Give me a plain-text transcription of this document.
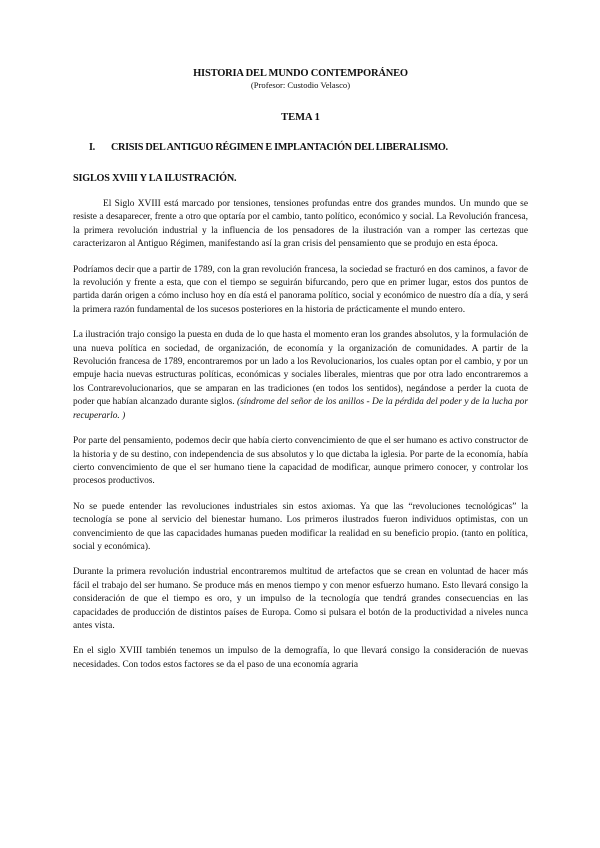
HISTORIA DEL MUNDO CONTEMPORÁNEO
(Profesor: Custodio Velasco)
TEMA 1
I. CRISIS DEL ANTIGUO RÉGIMEN E IMPLANTACIÓN DEL LIBERALISMO.
SIGLOS XVIII Y LA ILUSTRACIÓN.

El Siglo XVIII está marcado por tensiones, tensiones profundas entre dos grandes mundos. Un mundo que se resiste a desaparecer, frente a otro que optaría por el cambio, tanto político, económico y social. La Revolución francesa, la primera revolución industrial y la influencia de los pensadores de la ilustración van a romper las certezas que caracterizaron al Antiguo Régimen, manifestando así la gran crisis del pensamiento que se produjo en esta época.

Podríamos decir que a partir de 1789, con la gran revolución francesa, la sociedad se fracturó en dos caminos, a favor de la revolución y frente a esta, que con el tiempo se seguirán bifurcando, pero que en primer lugar, estos dos puntos de partida darán origen a cómo incluso hoy en día está el panorama político, social y económico de nuestro día a día, y será la primera razón fundamental de los sucesos posteriores en la historia de prácticamente el mundo entero.

La ilustración trajo consigo la puesta en duda de lo que hasta el momento eran los grandes absolutos, y la formulación de una nueva política en sociedad, de organización, de economía y la organización de comunidades. A partir de la Revolución francesa de 1789, encontraremos por un lado a los Revolucionarios, los cuales optan por el cambio, y por un empuje hacia nuevas estructuras políticas, económicas y sociales liberales, mientras que por otra lado encontraremos a los Contrarevolucionarios, que se amparan en las tradiciones (en todos los sentidos), negándose a perder la cuota de poder que habían alcanzado durante siglos. (síndrome del señor de los anillos - De la pérdida del poder y de la lucha por recuperarlo. )

Por parte del pensamiento, podemos decir que había cierto convencimiento de que el ser humano es activo constructor de la historia y de su destino, con independencia de sus absolutos y lo que dictaba la iglesia. Por parte de la economía, había cierto convencimiento de que el ser humano tiene la capacidad de modificar, aunque primero conocer, y controlar los procesos productivos.

No se puede entender las revoluciones industriales sin estos axiomas. Ya que las “revoluciones tecnológicas” la tecnología se pone al servicio del bienestar humano. Los primeros ilustrados fueron individuos optimistas, con un convencimiento de que las capacidades humanas pueden modificar la realidad en su beneficio propio. (tanto en política, social y económica).

Durante la primera revolución industrial encontraremos multitud de artefactos que se crean en voluntad de hacer más fácil el trabajo del ser humano. Se produce más en menos tiempo y con menor esfuerzo humano. Esto llevará consigo la consideración de que el tiempo es oro, y un impulso de la tecnología que tendrá grandes consecuencias en las capacidades de producción de distintos países de Europa. Como si pulsara el botón de la productividad a niveles nunca antes vista.

En el siglo XVIII también tenemos un impulso de la demografía, lo que llevará consigo la consideración de nuevas necesidades. Con todos estos factores se da el paso de una economía agraria
